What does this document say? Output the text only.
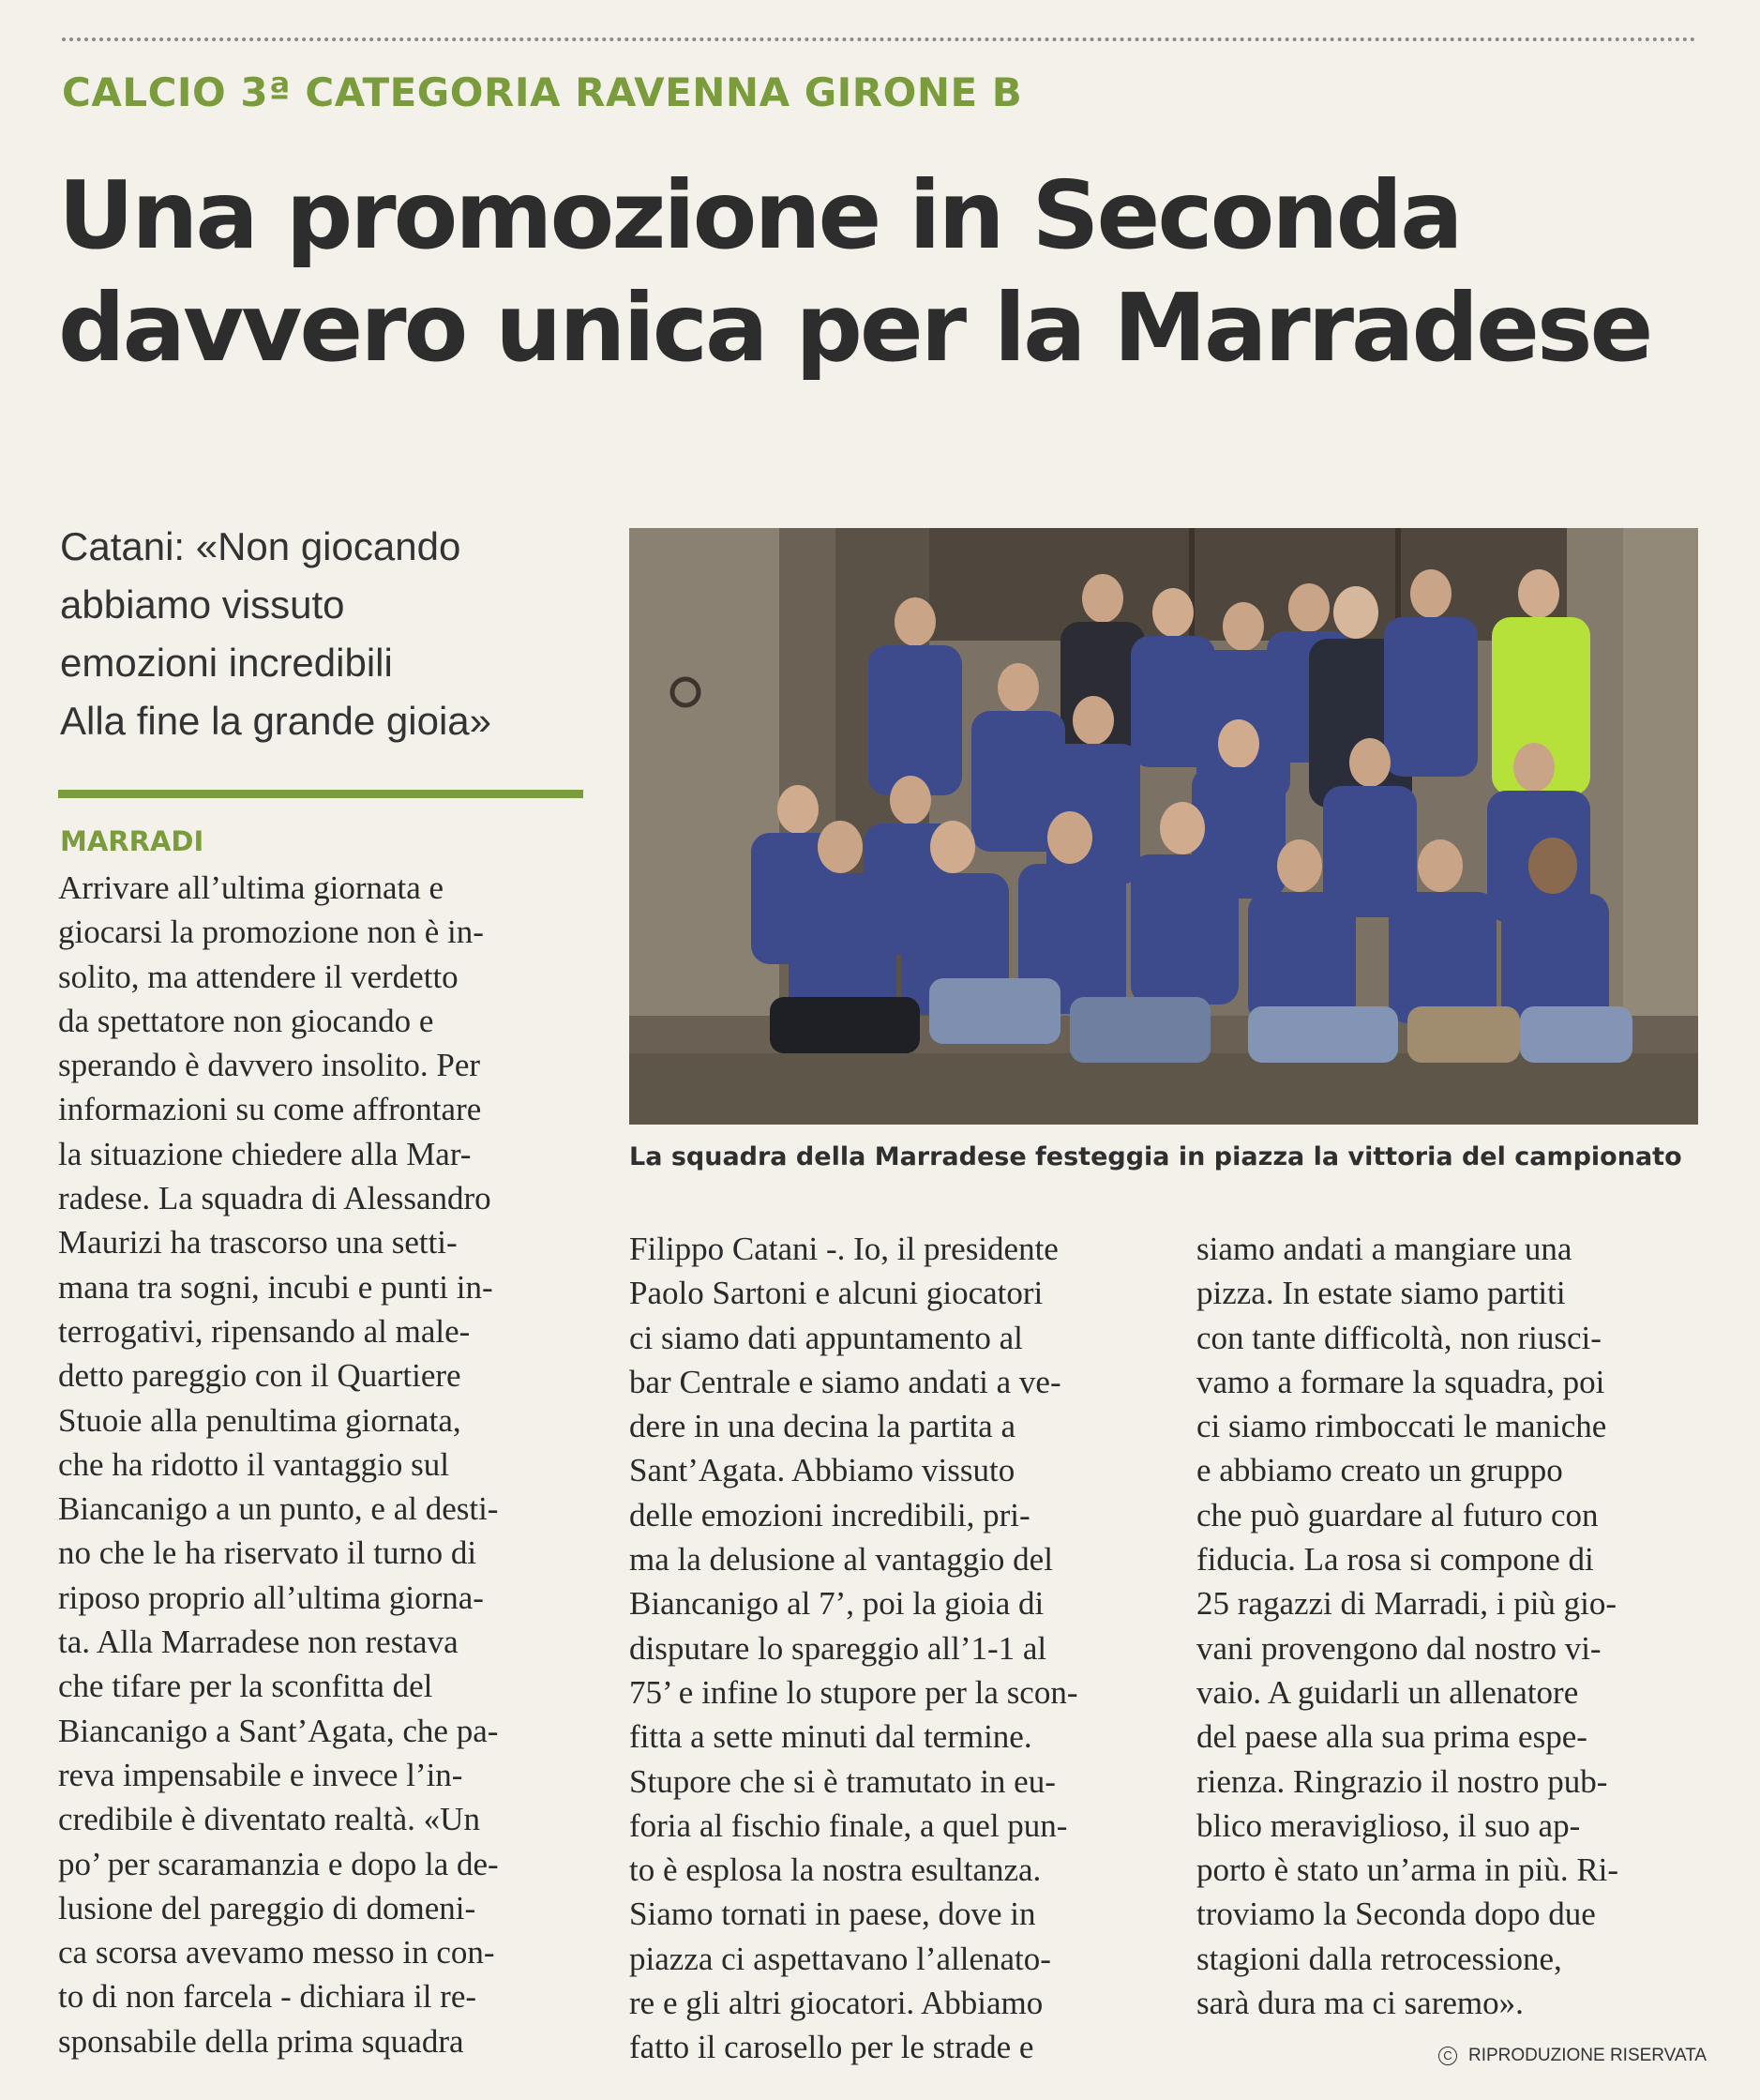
CALCIO 3ª CATEGORIA RAVENNA GIRONE B
Una promozione in Seconda
davvero unica per la Marradese
Catani: «Non giocando
abbiamo vissuto
emozioni incredibili
Alla fine la grande gioia»
MARRADI
Arrivare all’ultima giornata e
giocarsi la promozione non è in-
solito, ma attendere il verdetto
da spettatore non giocando e
sperando è davvero insolito. Per
informazioni su come affrontare
la situazione chiedere alla Mar-
radese. La squadra di Alessandro
Maurizi ha trascorso una setti-
mana tra sogni, incubi e punti in-
terrogativi, ripensando al male-
detto pareggio con il Quartiere
Stuoie alla penultima giornata,
che ha ridotto il vantaggio sul
Biancanigo a un punto, e al desti-
no che le ha riservato il turno di
riposo proprio all’ultima giorna-
ta. Alla Marradese non restava
che tifare per la sconfitta del
Biancanigo a Sant’Agata, che pa-
reva impensabile e invece l’in-
credibile è diventato realtà. «Un
po’ per scaramanzia e dopo la de-
lusione del pareggio di domeni-
ca scorsa avevamo messo in con-
to di non farcela - dichiara il re-
sponsabile della prima squadra
La squadra della Marradese festeggia in piazza la vittoria del campionato
Filippo Catani -. Io, il presidente
Paolo Sartoni e alcuni giocatori
ci siamo dati appuntamento al
bar Centrale e siamo andati a ve-
dere in una decina la partita a
Sant’Agata. Abbiamo vissuto
delle emozioni incredibili, pri-
ma la delusione al vantaggio del
Biancanigo al 7’, poi la gioia di
disputare lo spareggio all’1-1 al
75’ e infine lo stupore per la scon-
fitta a sette minuti dal termine.
Stupore che si è tramutato in eu-
foria al fischio finale, a quel pun-
to è esplosa la nostra esultanza.
Siamo tornati in paese, dove in
piazza ci aspettavano l’allenato-
re e gli altri giocatori. Abbiamo
fatto il carosello per le strade e
siamo andati a mangiare una
pizza. In estate siamo partiti
con tante difficoltà, non riusci-
vamo a formare la squadra, poi
ci siamo rimboccati le maniche
e abbiamo creato un gruppo
che può guardare al futuro con
fiducia. La rosa si compone di
25 ragazzi di Marradi, i più gio-
vani provengono dal nostro vi-
vaio. A guidarli un allenatore
del paese alla sua prima espe-
rienza. Ringrazio il nostro pub-
blico meraviglioso, il suo ap-
porto è stato un’arma in più. Ri-
troviamo la Seconda dopo due
stagioni dalla retrocessione,
sarà dura ma ci saremo».
C RIPRODUZIONE RISERVATA
